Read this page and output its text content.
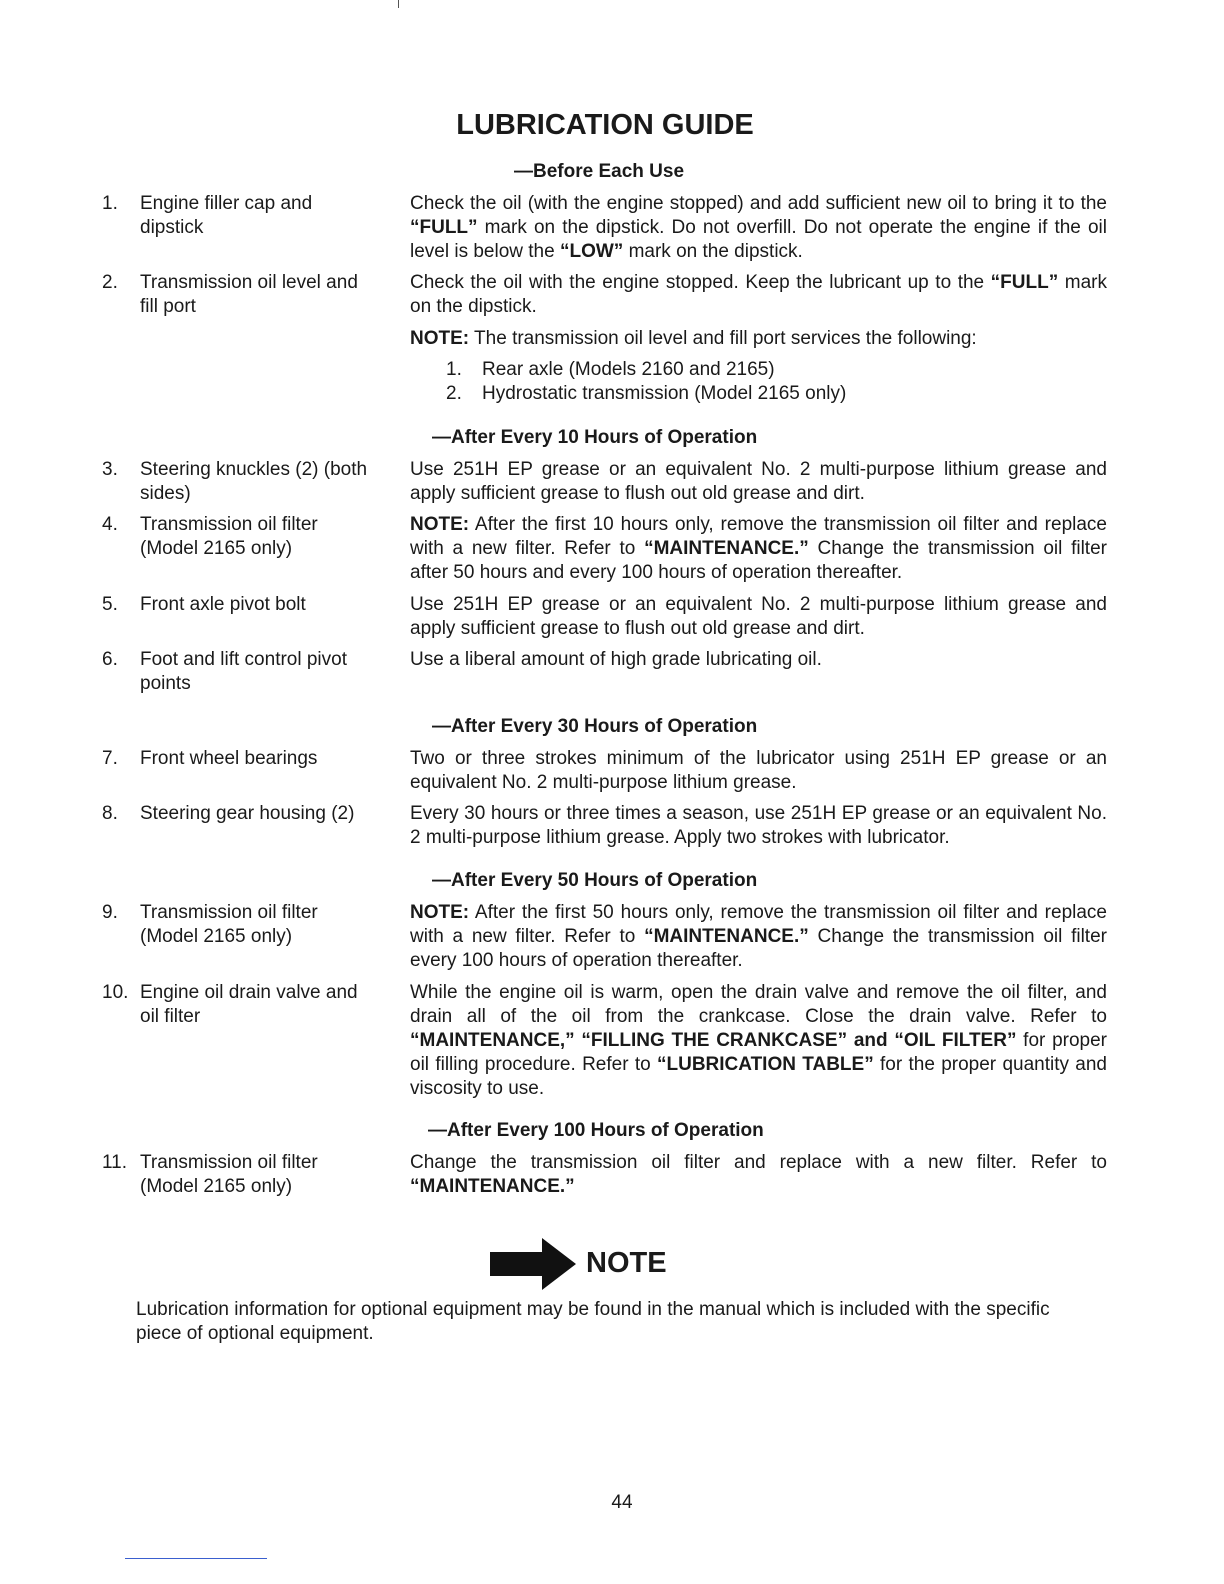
LUBRICATION GUIDE
—Before Each Use
1. Engine filler cap and dipstick
Check the oil (with the engine stopped) and add sufficient new oil to bring it to the “FULL” mark on the dipstick. Do not overfill. Do not operate the engine if the oil level is below the “LOW” mark on the dipstick.
2. Transmission oil level and fill port
Check the oil with the engine stopped. Keep the lubricant up to the “FULL” mark on the dipstick.
NOTE: The transmission oil level and fill port services the following:
1. Rear axle (Models 2160 and 2165)
2. Hydrostatic transmission (Model 2165 only)
—After Every 10 Hours of Operation
3. Steering knuckles (2) (both sides)
Use 251H EP grease or an equivalent No. 2 multi-purpose lithium grease and apply sufficient grease to flush out old grease and dirt.
4. Transmission oil filter (Model 2165 only)
NOTE: After the first 10 hours only, remove the transmission oil filter and replace with a new filter. Refer to “MAINTENANCE.” Change the transmission oil filter after 50 hours and every 100 hours of operation thereafter.
5. Front axle pivot bolt	Use 251H EP grease or an equivalent No. 2 multi-purpose lithium grease and apply sufficient grease to flush out old grease and dirt.
6. Foot and lift control pivot points
Use a liberal amount of high grade lubricating oil.
—After Every 30 Hours of Operation
7. Front wheel bearings	Two or three strokes minimum of the lubricator using 251H EP grease or an equivalent No. 2 multi-purpose lithium grease.
8. Steering gear housing (2)	Every 30 hours or three times a season, use 251H EP grease or an equivalent No. 2 multi-purpose lithium grease. Apply two strokes with lubricator.
—After Every 50 Hours of Operation
9. Transmission oil filter (Model 2165 only)
NOTE: After the first 50 hours only, remove the transmission oil filter and replace with a new filter. Refer to “MAINTENANCE.” Change the transmission oil filter every 100 hours of operation thereafter.
10. Engine oil drain valve and oil filter
While the engine oil is warm, open the drain valve and remove the oil filter, and drain all of the oil from the crankcase. Close the drain valve. Refer to “MAINTENANCE,” “FILLING THE CRANKCASE” and “OIL FILTER” for proper oil filling procedure. Refer to “LUBRICATION TABLE” for the proper quantity and viscosity to use.
—After Every 100 Hours of Operation
11. Transmission oil filter (Model 2165 only)
Change the transmission oil filter and replace with a new filter. Refer to “MAINTENANCE.”
NOTE
Lubrication information for optional equipment may be found in the manual which is included with the specific piece of optional equipment.
44
